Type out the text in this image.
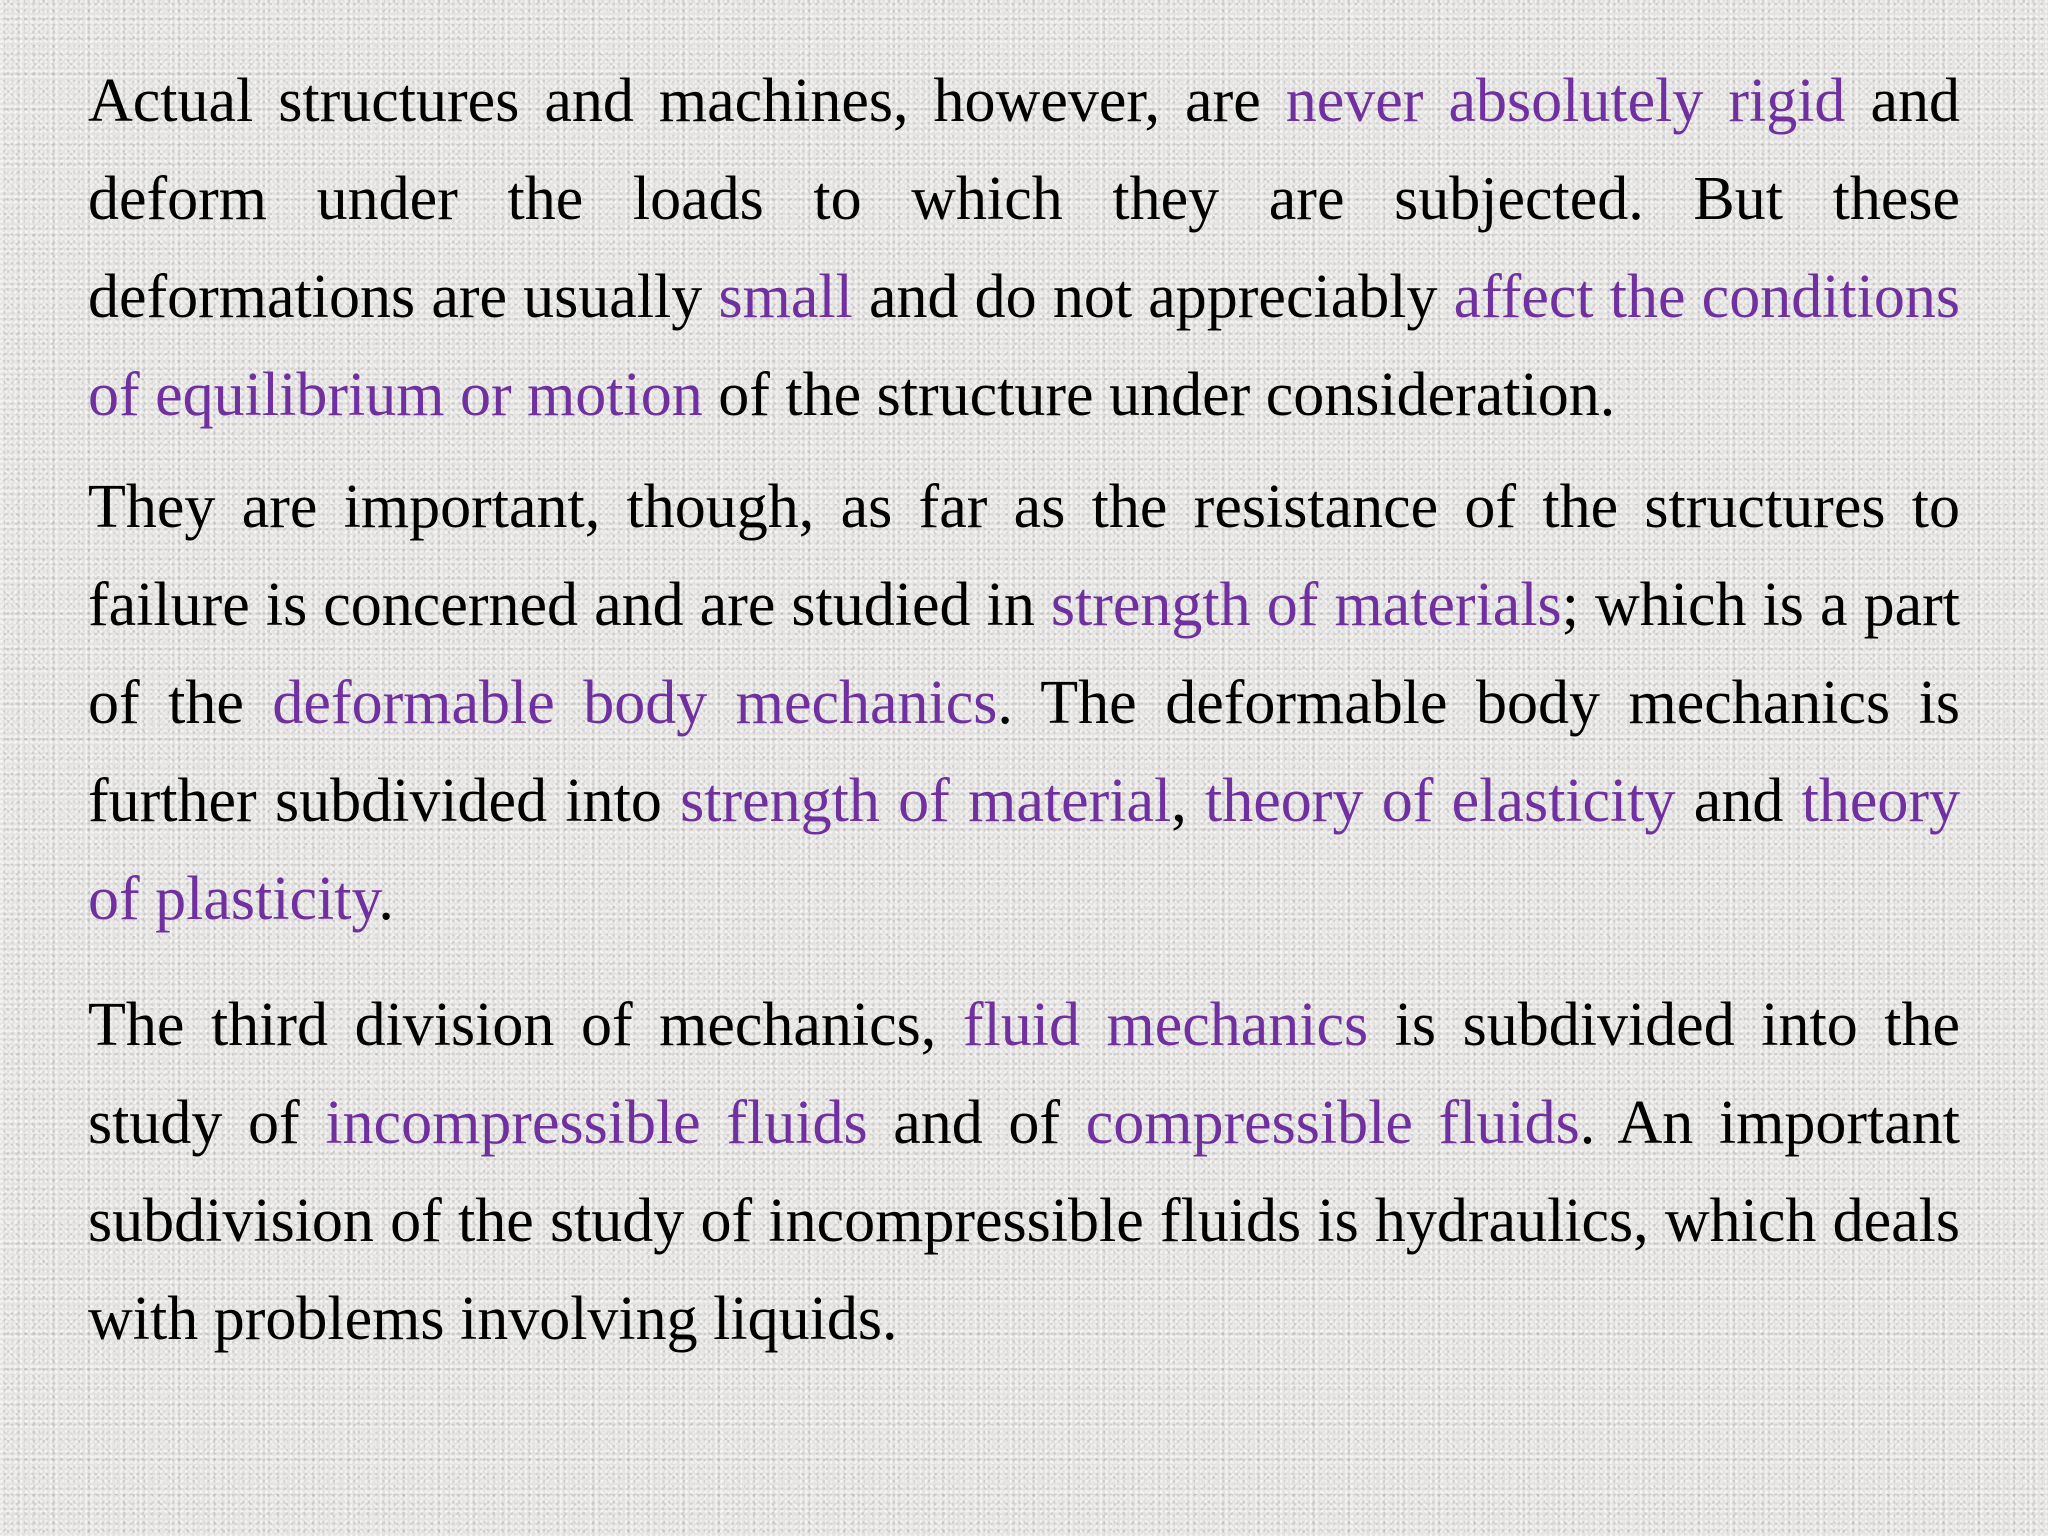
Actual structures and machines, however, are never absolutely rigid and deform under the loads to which they are subjected. But these deformations are usually small and do not appreciably affect the conditions of equilibrium or motion of the structure under consideration.

They are important, though, as far as the resistance of the structures to failure is concerned and are studied in strength of materials; which is a part of the deformable body mechanics. The deformable body mechanics is further subdivided into strength of material, theory of elasticity and theory of plasticity.

The third division of mechanics, fluid mechanics is subdivided into the study of incompressible fluids and of compressible fluids. An important subdivision of the study of incompressible fluids is hydraulics, which deals with problems involving liquids.
